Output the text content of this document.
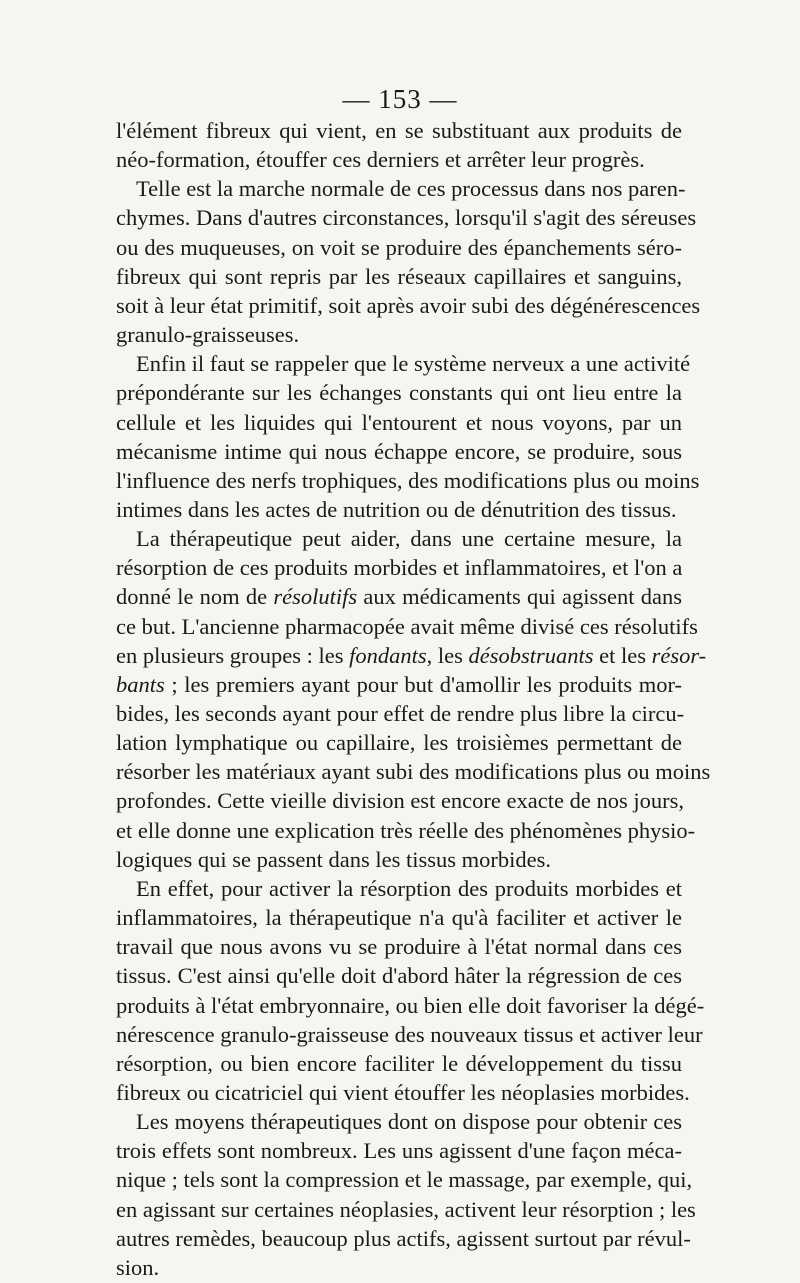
— 153 —
l'élément fibreux qui vient, en se substituant aux produits de
néo-formation, étouffer ces derniers et arrêter leur progrès.
Telle est la marche normale de ces processus dans nos paren-
chymes. Dans d'autres circonstances, lorsqu'il s'agit des séreuses
ou des muqueuses, on voit se produire des épanchements séro-
fibreux qui sont repris par les réseaux capillaires et sanguins,
soit à leur état primitif, soit après avoir subi des dégénérescences
granulo-graisseuses.
Enfin il faut se rappeler que le système nerveux a une activité
prépondérante sur les échanges constants qui ont lieu entre la
cellule et les liquides qui l'entourent et nous voyons, par un
mécanisme intime qui nous échappe encore, se produire, sous
l'influence des nerfs trophiques, des modifications plus ou moins
intimes dans les actes de nutrition ou de dénutrition des tissus.
La thérapeutique peut aider, dans une certaine mesure, la
résorption de ces produits morbides et inflammatoires, et l'on a
donné le nom de résolutifs aux médicaments qui agissent dans
ce but. L'ancienne pharmacopée avait même divisé ces résolutifs
en plusieurs groupes : les fondants, les désobstruants et les résor-
bants ; les premiers ayant pour but d'amollir les produits mor-
bides, les seconds ayant pour effet de rendre plus libre la circu-
lation lymphatique ou capillaire, les troisièmes permettant de
résorber les matériaux ayant subi des modifications plus ou moins
profondes. Cette vieille division est encore exacte de nos jours,
et elle donne une explication très réelle des phénomènes physio-
logiques qui se passent dans les tissus morbides.
En effet, pour activer la résorption des produits morbides et
inflammatoires, la thérapeutique n'a qu'à faciliter et activer le
travail que nous avons vu se produire à l'état normal dans ces
tissus. C'est ainsi qu'elle doit d'abord hâter la régression de ces
produits à l'état embryonnaire, ou bien elle doit favoriser la dégé-
nérescence granulo-graisseuse des nouveaux tissus et activer leur
résorption, ou bien encore faciliter le développement du tissu
fibreux ou cicatriciel qui vient étouffer les néoplasies morbides.
Les moyens thérapeutiques dont on dispose pour obtenir ces
trois effets sont nombreux. Les uns agissent d'une façon méca-
nique ; tels sont la compression et le massage, par exemple, qui,
en agissant sur certaines néoplasies, activent leur résorption ; les
autres remèdes, beaucoup plus actifs, agissent surtout par révul-
sion.
